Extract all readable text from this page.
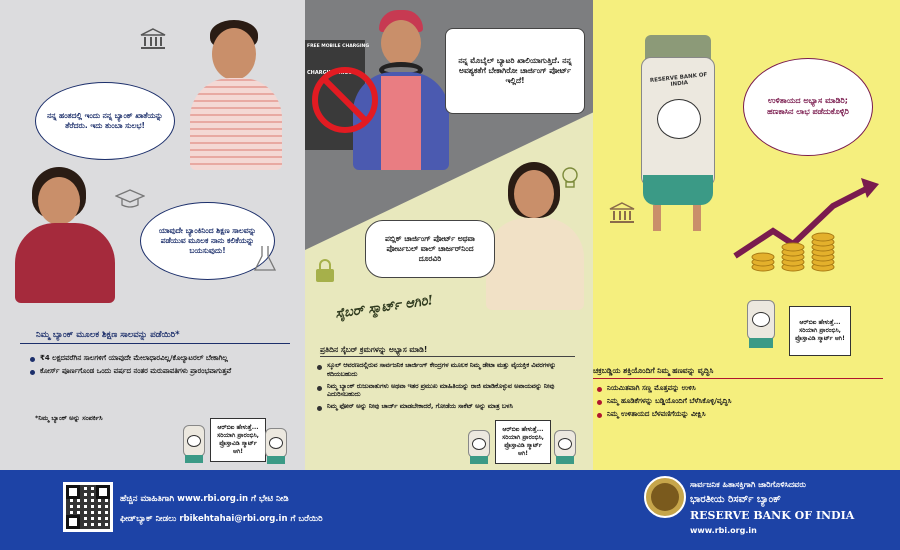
ನನ್ನ ಹಂತದಲ್ಲಿ ಇಂದು ನನ್ನ ಬ್ಯಾಂಕ್ ಖಾತೆಯನ್ನು ತೆರೆದರು. ಇದು ತುಂಬಾ ಸುಲಭ!
ಯಾವುದೇ ಬ್ಯಾಂಕಿನಿಂದ ಶಿಕ್ಷಣ ಸಾಲವನ್ನು ಪಡೆಯುವ ಮೂಲಕ ನಾನು ಕಲಿಕೆಯನ್ನು ಬಯಸುವುದು!
ನಿಮ್ಮ ಬ್ಯಾಂಕ್ ಮೂಲಕ ಶಿಕ್ಷಣ ಸಾಲವನ್ನು ಪಡೆಯಿರಿ*
₹4 ಲಕ್ಷದವರೆಗಿನ ಸಾಲಗಳಿಗೆ ಯಾವುದೇ ಮೇಲಾಧಾರವಿಲ್ಲ/ಕೊಲ್ಯಾಟರಲ್ ಬೇಕಾಗಿಲ್ಲ
ಕೋರ್ಸ್ ಪೂರ್ಣಗೊಂಡ ಒಂದು ವರ್ಷದ ನಂತರ ಮರುಪಾವತಿಗಳು ಪ್ರಾರಂಭವಾಗುತ್ತವೆ
*ನಿಮ್ಮ ಬ್ಯಾಂಕ್ ಅನ್ನು ಸಂಪರ್ಕಿಸಿ
ಆರ್‌ಬಿಐ ಹೇಳುತ್ತೆ... ಸರಿಯಾಗಿ ಪ್ರಾರಂಭಿಸಿ, ಪ್ರೊಸ್ತಾವಿಡಿ ಸ್ಮಾರ್ಟ್ ಆಗಿ!
FREE MOBILE CHARGING
CHARGING KIOSK
ನನ್ನ ಮೊಬೈಲ್ ಬ್ಯಾಟರಿ ಖಾಲಿಯಾಗುತ್ತಿದೆ. ನನ್ನ ಅವಶ್ಯಕತೆಗೆ ಬೇಕಾಗಿರೋ ಚಾರ್ಜಿಂಗ್ ಪೋರ್ಟ್ ಇಲ್ಲಿದೆ!
ಪಬ್ಲಿಕ್ ಚಾರ್ಜಿಂಗ್ ಪೋರ್ಟ್ ಅಥವಾ ಪೋರ್ಟಬಲ್ ವಾಲ್ ಚಾರ್ಜರ್‌ನಿಂದ ದೂರವಿರಿ
ಸೈಬರ್ ಸ್ಮಾರ್ಟ್ ಆಗಿರಿ!
ಪ್ರತಿದಿನ ಸೈಬರ್ ಕ್ರಮಗಳನ್ನು ಅಭ್ಯಾಸ ಮಾಡಿ!
ಸ್ಕೂಲ್ ಆವರಣದಲ್ಲಿರುವ ಸಾರ್ವಜನಿಕ ಚಾರ್ಜಿಂಗ್ ಕೇಂದ್ರಗಳ ಮೂಲಕ ನಿಮ್ಮ ಡೇಟಾ ಮತ್ತು ವೈಯಕ್ತಿಕ ವಿವರಗಳನ್ನು ಕದಿಯಬಹುದು
ನಿಮ್ಮ ಬ್ಯಾಂಕ್ ರುಜುವಾತುಗಳು ಅಥವಾ ಇತರ ಪ್ರಮುಖ ಮಾಹಿತಿಯನ್ನು ರಾಜಿ ಮಾಡಿಕೊಳ್ಳುವ ಅಪಾಯವನ್ನು ನೀವು ಎದುರಿಸಬಹುದು
ನಿಮ್ಮ ಫೋನ್ ಅನ್ನು ನೀವು ಚಾರ್ಜ್ ಮಾಡಬೇಕಾದರೆ, ಗೋಡೆಯ ಸಾಕೆಟ್ ಅನ್ನು ಮಾತ್ರ ಬಳಸಿ
ಆರ್‌ಬಿಐ ಹೇಳುತ್ತೆ... ಸರಿಯಾಗಿ ಪ್ರಾರಂಭಿಸಿ, ಪ್ರೊಸ್ತಾವಿಡಿ ಸ್ಮಾರ್ಟ್ ಆಗಿ!
RESERVE BANK OF INDIA
ಉಳಿತಾಯದ ಅಭ್ಯಾಸ ಮಾಡಿರಿ; ಹಣಕಾಸಿನ ಲಾಭ ಪಡೆದುಕೊಳ್ಳಿರಿ
ಆರ್‌ಬಿಐ ಹೇಳುತ್ತೆ... ಸರಿಯಾಗಿ ಪ್ರಾರಂಭಿಸಿ, ಪ್ರೊಸ್ತಾವಿಡಿ ಸ್ಮಾರ್ಟ್ ಆಗಿ!
ಚಕ್ರಬಡ್ಡಿಯ ಶಕ್ತಿಯೊಂದಿಗೆ ನಿಮ್ಮ ಹಣವನ್ನು ವೃದ್ಧಿಸಿ
ನಿಯಮಿತವಾಗಿ ಸಣ್ಣ ಮೊತ್ತವನ್ನು ಉಳಿಸಿ
ನಿಮ್ಮ ಹೂಡಿಕೆಗಳನ್ನು ಬಡ್ಡಿಯೊಂದಿಗೆ ಬೆಳೆಸಿಕೊಳ್ಳಿ/ವೃದ್ಧಿಸಿ
ನಿಮ್ಮ ಉಳಿತಾಯದ ಬೆಳವಣಿಗೆಯನ್ನು ವೀಕ್ಷಿಸಿ
ಹೆಚ್ಚಿನ ಮಾಹಿತಿಗಾಗಿ www.rbi.org.in ಗೆ ಭೇಟಿ ನೀಡಿ
ಫೀಡ್‌ಬ್ಯಾಕ್ ನೀಡಲು rbikehtahai@rbi.org.in ಗೆ ಬರೆಯಿರಿ
ಸಾರ್ವಜನಿಕ ಹಿತಾಸಕ್ತಿಗಾಗಿ ಜಾರಿಗೊಳಿಸಿದವರು
ಭಾರತೀಯ ರಿಸರ್ವ್ ಬ್ಯಾಂಕ್
RESERVE BANK OF INDIA
www.rbi.org.in
